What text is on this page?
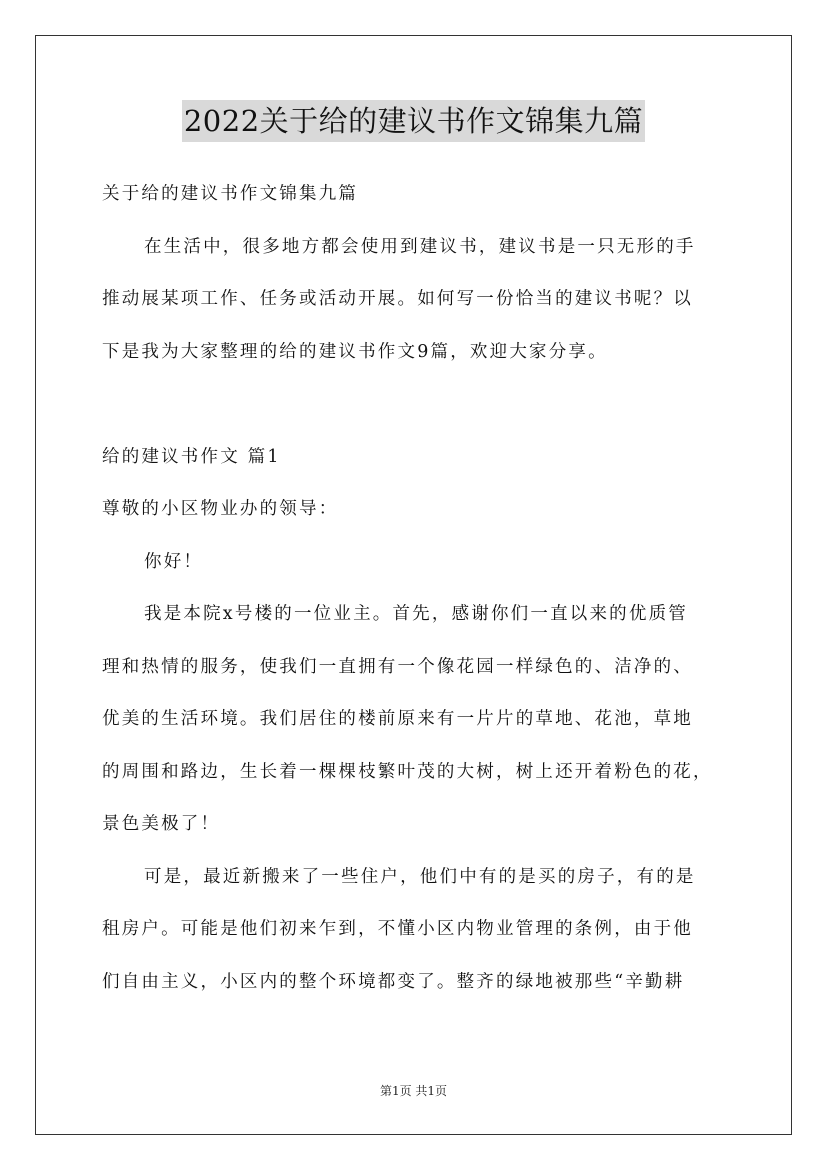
2022关于给的建议书作文锦集九篇

关于给的建议书作文锦集九篇

在生活中，很多地方都会使用到建议书，建议书是一只无形的手

推动展某项工作、任务或活动开展。如何写一份恰当的建议书呢？以

下是我为大家整理的给的建议书作文9篇，欢迎大家分享。

给的建议书作文 篇1

尊敬的小区物业办的领导：

你好！

我是本院x号楼的一位业主。首先，感谢你们一直以来的优质管

理和热情的服务，使我们一直拥有一个像花园一样绿色的、洁净的、

优美的生活环境。我们居住的楼前原来有一片片的草地、花池，草地

的周围和路边，生长着一棵棵枝繁叶茂的大树，树上还开着粉色的花，

景色美极了！

可是，最近新搬来了一些住户，他们中有的是买的房子，有的是

租房户。可能是他们初来乍到，不懂小区内物业管理的条例，由于他

们自由主义，小区内的整个环境都变了。整齐的绿地被那些“辛勤耕

第1页 共1页
